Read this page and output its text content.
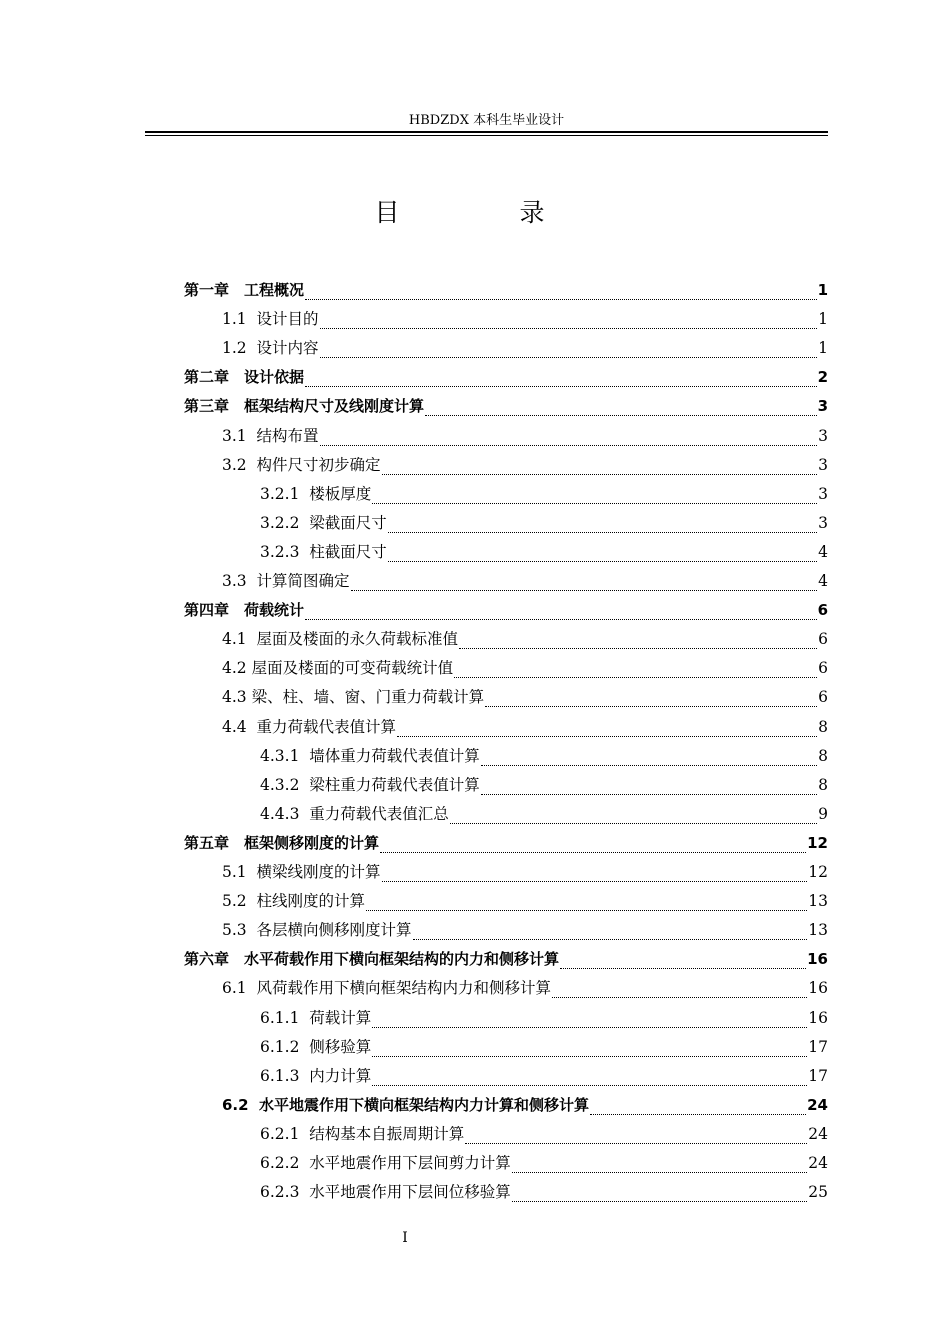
HBDZDX 本科生毕业设计
目 录
第一章　工程概况	1
1.1  设计目的	1
1.2  设计内容	1
第二章　设计依据	2
第三章　框架结构尺寸及线刚度计算	3
3.1  结构布置	3
3.2  构件尺寸初步确定	3
3.2.1  楼板厚度	3
3.2.2  梁截面尺寸	3
3.2.3  柱截面尺寸	4
3.3  计算简图确定	4
第四章　荷载统计	6
4.1  屋面及楼面的永久荷载标准值	6
4.2 屋面及楼面的可变荷载统计值	6
4.3 梁、柱、墙、窗、门重力荷载计算	6
4.4  重力荷载代表值计算	8
4.3.1  墙体重力荷载代表值计算	8
4.3.2  梁柱重力荷载代表值计算	8
4.4.3  重力荷载代表值汇总	9
第五章　框架侧移刚度的计算	12
5.1  横梁线刚度的计算	12
5.2  柱线刚度的计算	13
5.3  各层横向侧移刚度计算	13
第六章　水平荷载作用下横向框架结构的内力和侧移计算	16
6.1  风荷载作用下横向框架结构内力和侧移计算	16
6.1.1  荷载计算	16
6.1.2  侧移验算	17
6.1.3  内力计算	17
6.2  水平地震作用下横向框架结构内力计算和侧移计算	24
6.2.1  结构基本自振周期计算	24
6.2.2  水平地震作用下层间剪力计算	24
6.2.3  水平地震作用下层间位移验算	25
I
